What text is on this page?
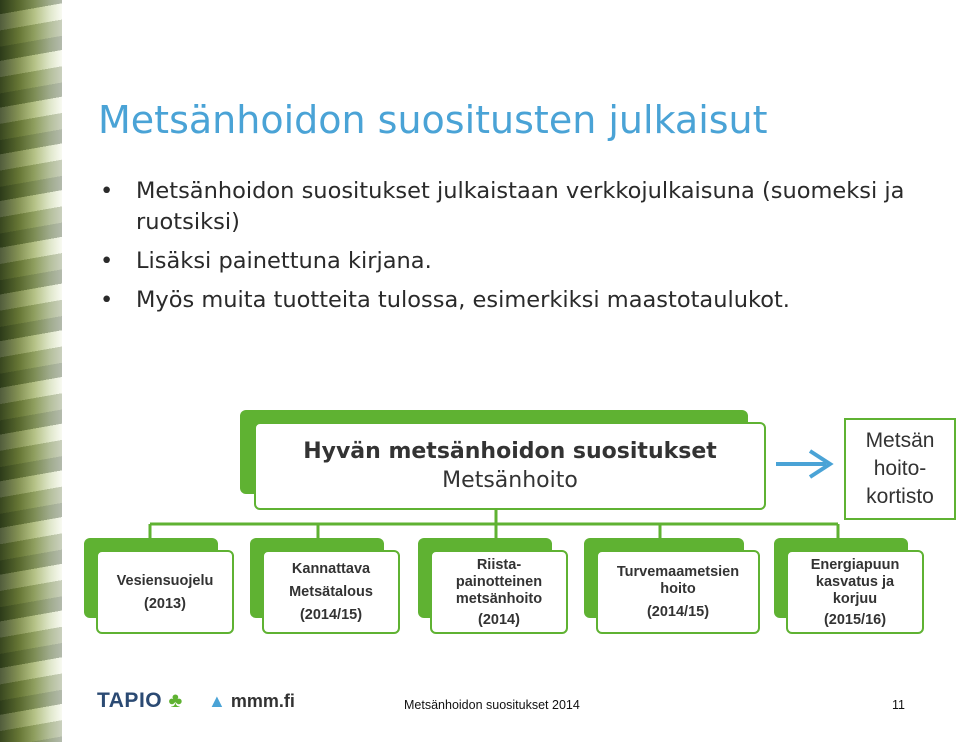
Metsänhoidon suositusten julkaisut
• Metsänhoidon suositukset julkaistaan verkkojulkaisuna (suomeksi ja ruotsiksi)
• Lisäksi painettuna kirjana.
• Myös muita tuotteita tulossa, esimerkiksi maastotaulukot.
Hyvän metsänhoidon suositukset
Metsänhoito
Metsän
hoito-
kortisto
Vesiensuojelu
(2013)
Kannattava
Metsätalous
(2014/15)
Riista-
painotteinen
metsänhoito
(2014)
Turvemaametsien
hoito
(2014/15)
Energiapuun
kasvatus ja
korjuu
(2015/16)
TAPIO ♣ ▲ mmm.fi	Metsänhoidon suositukset 2014	11
